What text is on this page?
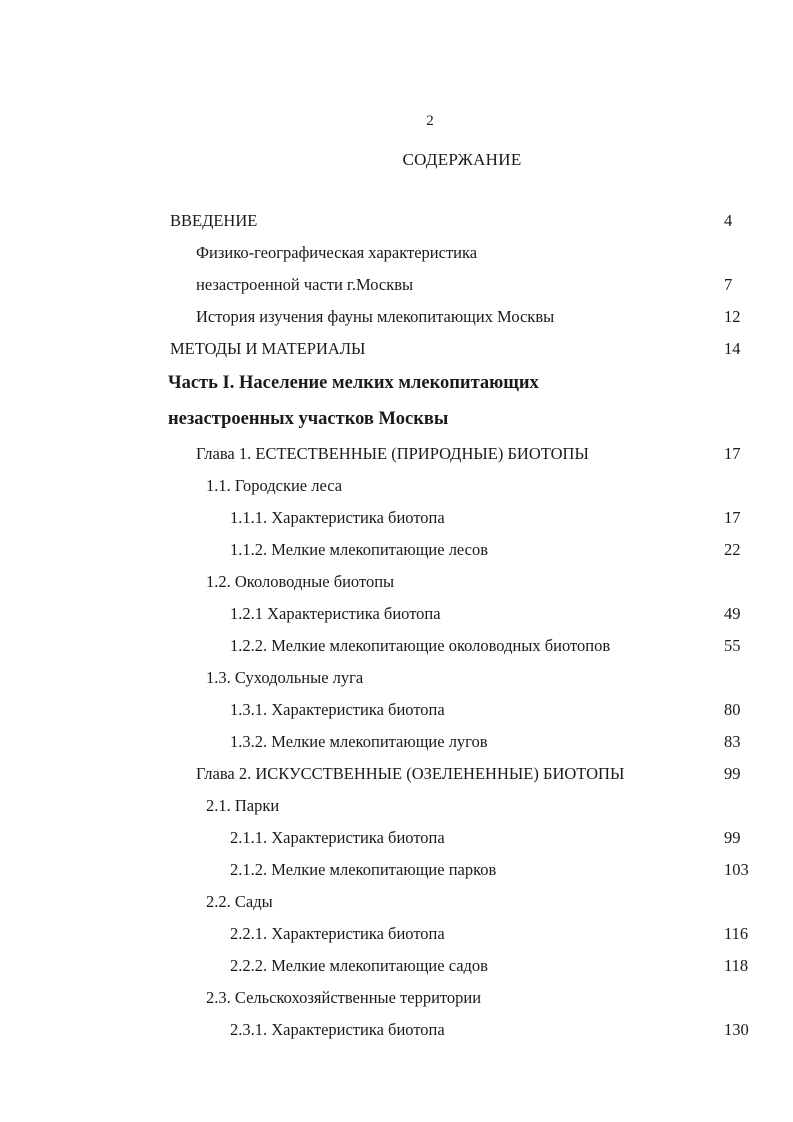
2
СОДЕРЖАНИЕ
ВВЕДЕНИЕ	4
Физико-географическая характеристика
незастроенной части г.Москвы	7
История изучения фауны млекопитающих Москвы	12
МЕТОДЫ И МАТЕРИАЛЫ	14
Часть I. Население мелких млекопитающих
незастроенных участков Москвы
Глава 1. ЕСТЕСТВЕННЫЕ (ПРИРОДНЫЕ) БИОТОПЫ	17
1.1. Городские леса
1.1.1. Характеристика биотопа	17
1.1.2. Мелкие млекопитающие лесов	22
1.2. Околоводные биотопы
1.2.1 Характеристика биотопа	49
1.2.2. Мелкие млекопитающие околоводных биотопов	55
1.3. Суходольные луга
1.3.1. Характеристика биотопа	80
1.3.2. Мелкие млекопитающие лугов	83
Глава 2. ИСКУССТВЕННЫЕ (ОЗЕЛЕНЕННЫЕ) БИОТОПЫ	99
2.1. Парки
2.1.1. Характеристика биотопа	99
2.1.2. Мелкие млекопитающие парков	103
2.2. Сады
2.2.1. Характеристика биотопа	116
2.2.2. Мелкие млекопитающие садов	118
2.3. Сельскохозяйственные территории
2.3.1. Характеристика биотопа	130
